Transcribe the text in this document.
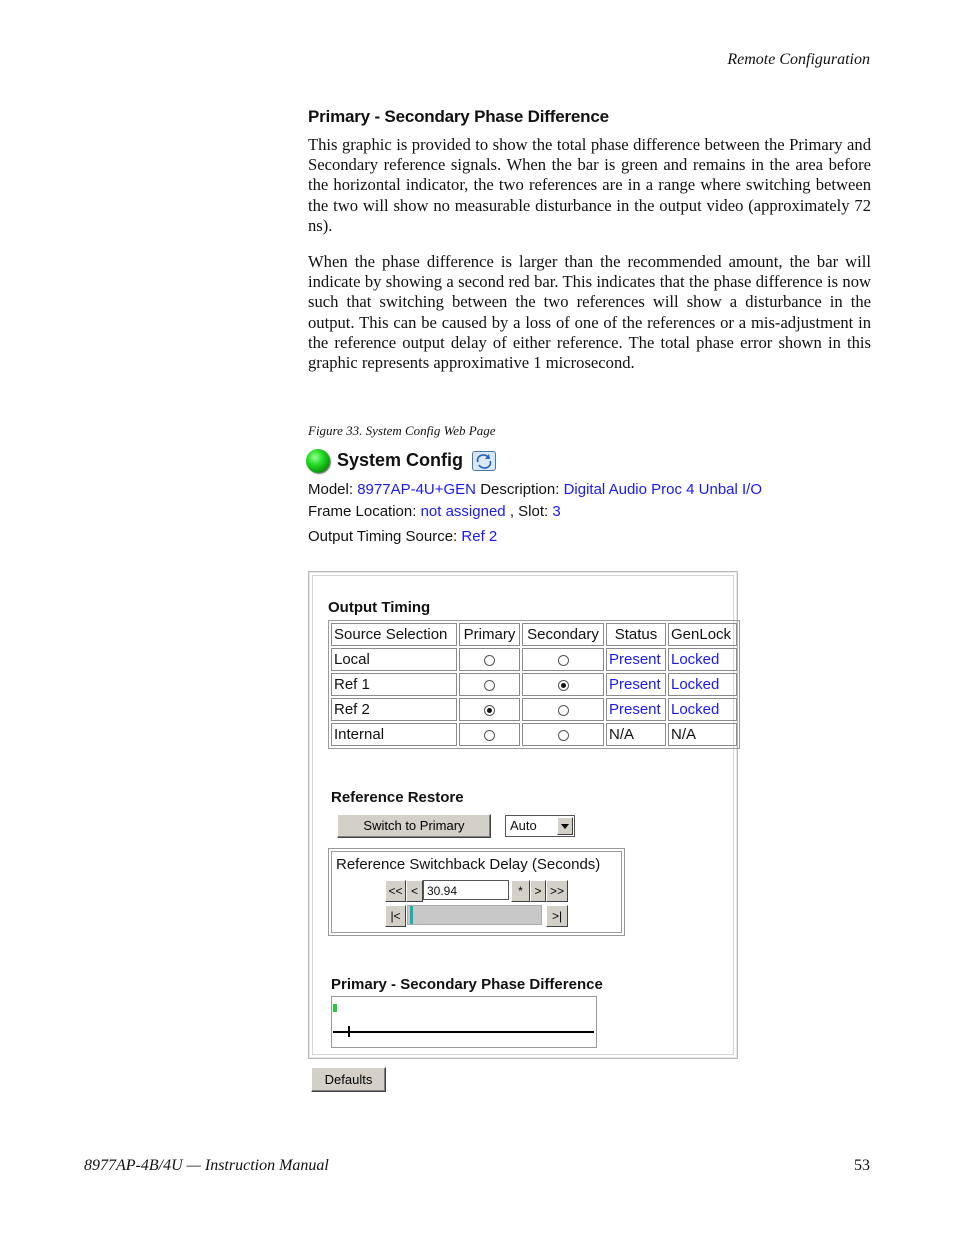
Remote Configuration
Primary - Secondary Phase Difference
This graphic is provided to show the total phase difference between the Primary and Secondary reference signals. When the bar is green and remains in the area before the horizontal indicator, the two references are in a range where switching between the two will show no measurable disturbance in the output video (approximately 72 ns).
When the phase difference is larger than the recommended amount, the bar will indicate by showing a second red bar. This indicates that the phase difference is now such that switching between the two references will show a disturbance in the output. This can be caused by a loss of one of the references or a mis-adjustment in the reference output delay of either reference. The total phase error shown in this graphic represents approximative 1 microsecond.
Figure 33. System Config Web Page
System Config
Model: 8977AP-4U+GEN Description: Digital Audio Proc 4 Unbal I/O
Frame Location: not assigned , Slot: 3
Output Timing Source: Ref 2
Output Timing
Source Selection	Primary	Secondary	Status	GenLock
Local			Present	Locked
Ref 1			Present	Locked
Ref 2			Present	Locked
Internal			N/A	N/A
Reference Restore
Switch to Primary	Auto
Reference Switchback Delay (Seconds)
<< < 30.94	* > >>
|<	>|
Primary - Secondary Phase Difference
Defaults
8977AP-4B/4U — Instruction Manual	53
